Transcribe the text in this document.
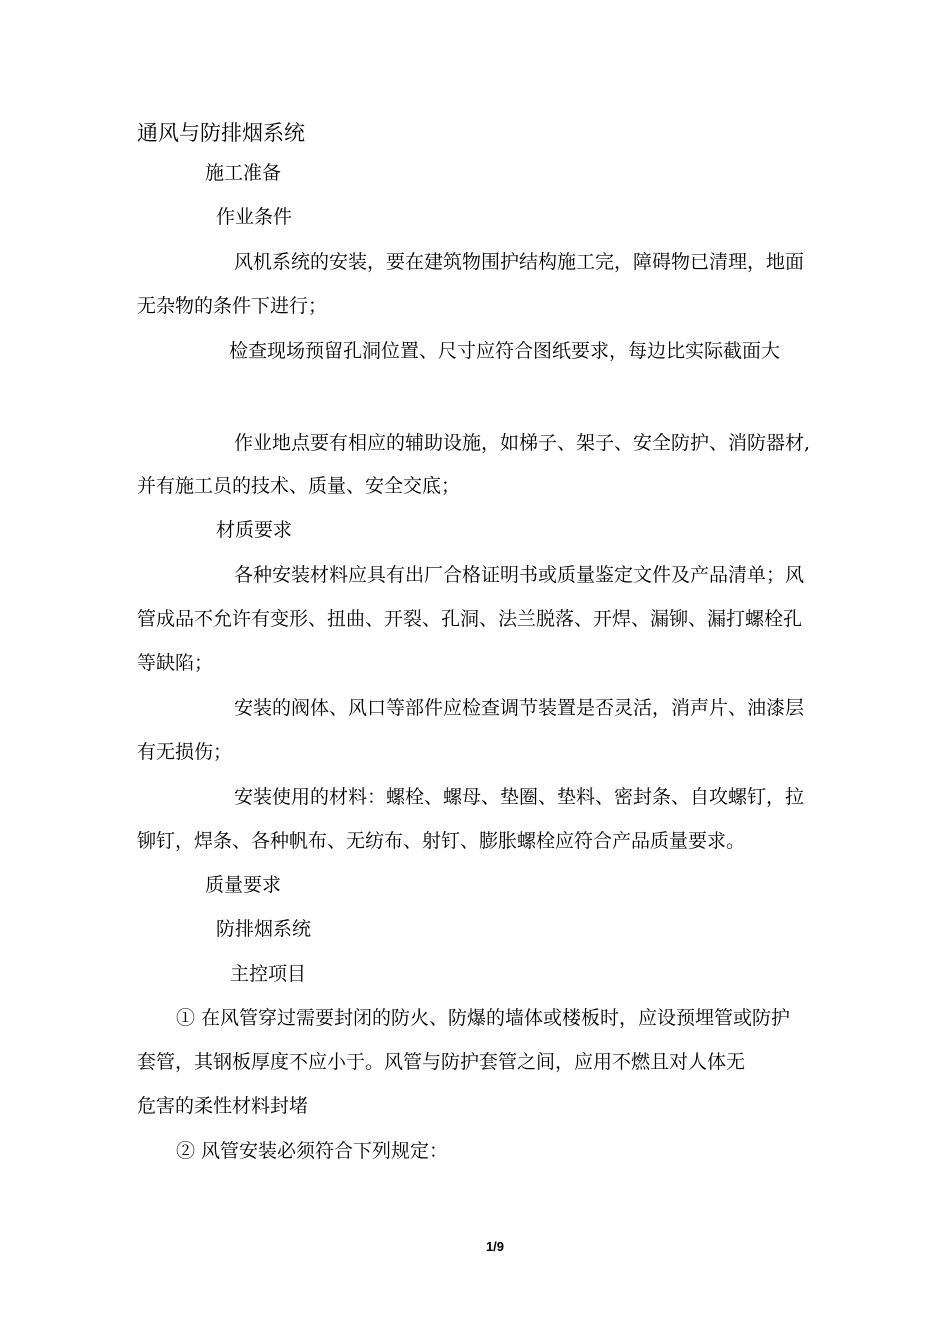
通风与防排烟系统
施工准备
作业条件
风机系统的安装，要在建筑物围护结构施工完，障碍物已清理，地面
无杂物的条件下进行；
检查现场预留孔洞位置、尺寸应符合图纸要求，每边比实际截面大
作业地点要有相应的辅助设施，如梯子、架子、安全防护、消防器材,
并有施工员的技术、质量、安全交底；
材质要求
各种安装材料应具有出厂合格证明书或质量鉴定文件及产品清单；风
管成品不允许有变形、扭曲、开裂、孔洞、法兰脱落、开焊、漏铆、漏打螺栓孔
等缺陷；
安装的阀体、风口等部件应检查调节装置是否灵活，消声片、油漆层
有无损伤；
安装使用的材料：螺栓、螺母、垫圈、垫料、密封条、自攻螺钉，拉
铆钉，焊条、各种帆布、无纺布、射钉、膨胀螺栓应符合产品质量要求。
质量要求
防排烟系统
主控项目
① 在风管穿过需要封闭的防火、防爆的墙体或楼板时，应设预埋管或防护
套管，其钢板厚度不应小于。风管与防护套管之间，应用不燃且对人体无
危害的柔性材料封堵
② 风管安装必须符合下列规定：
1/9
